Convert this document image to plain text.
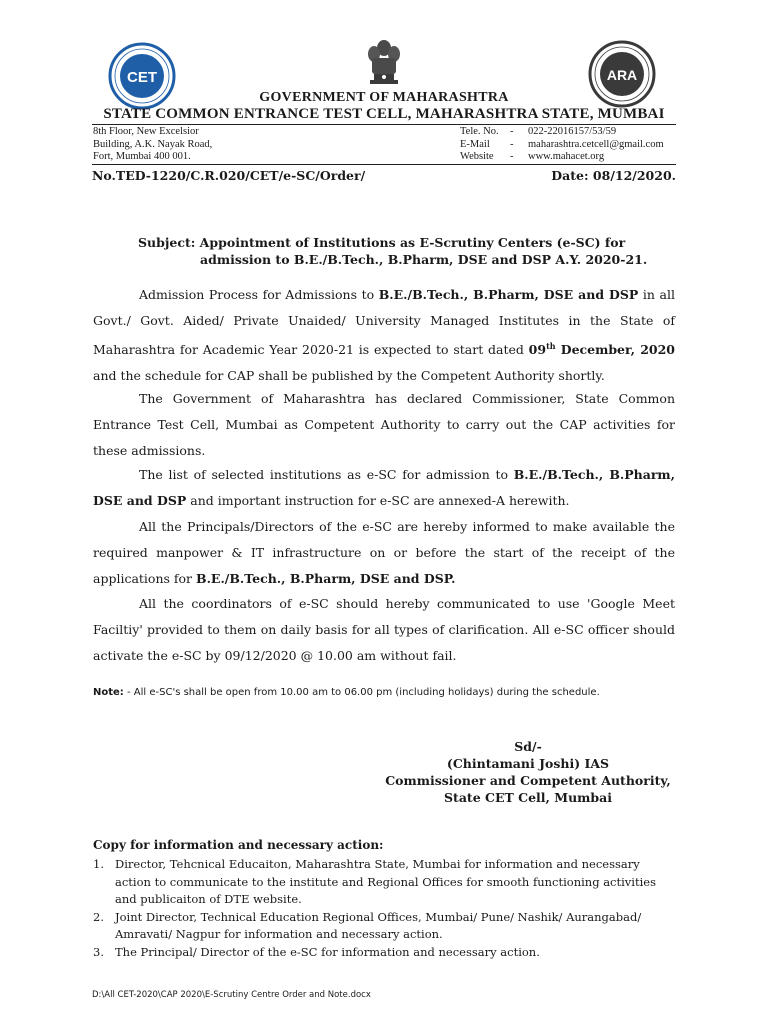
CET	ARA
GOVERNMENT OF MAHARASHTRA
STATE COMMON ENTRANCE TEST CELL, MAHARASHTRA STATE, MUMBAI
8th Floor, New Excelsior
Building, A.K. Nayak Road,
Fort, Mumbai 400 001.
Tele. No.	-	022-22016157/53/59
E-Mail	-	maharashtra.cetcell@gmail.com
Website	-	www.mahacet.org
No.TED-1220/C.R.020/CET/e-SC/Order/	Date: 08/12/2020.
Subject: Appointment of Institutions as E-Scrutiny Centers (e-SC) for
admission to B.E./B.Tech., B.Pharm, DSE and DSP A.Y. 2020-21.
Admission Process for Admissions to B.E./B.Tech., B.Pharm, DSE and DSP in all Govt./ Govt. Aided/ Private Unaided/ University Managed Institutes in the State of Maharashtra for Academic Year 2020-21 is expected to start dated 09th December, 2020 and the schedule for CAP shall be published by the Competent Authority shortly.
The Government of Maharashtra has declared Commissioner, State Common Entrance Test Cell, Mumbai as Competent Authority to carry out the CAP activities for these admissions.
The list of selected institutions as e-SC for admission to B.E./B.Tech., B.Pharm, DSE and DSP and important instruction for e-SC are annexed-A herewith.
All the Principals/Directors of the e-SC are hereby informed to make available the required manpower & IT infrastructure on or before the start of the receipt of the applications for B.E./B.Tech., B.Pharm, DSE and DSP.
All the coordinators of e-SC should hereby communicated to use 'Google Meet Faciltiy' provided to them on daily basis for all types of clarification. All e-SC officer should activate the e-SC by 09/12/2020 @ 10.00 am without fail.
Note: - All e-SC's shall be open from 10.00 am to 06.00 pm (including holidays) during the schedule.
Sd/-
(Chintamani Joshi) IAS
Commissioner and Competent Authority,
State CET Cell, Mumbai
Copy for information and necessary action:
1. Director, Tehcnical Educaiton, Maharashtra State, Mumbai for information and necessary action to communicate to the institute and Regional Offices for smooth functioning activities and publicaiton of DTE website.
2. Joint Director, Technical Education Regional Offices, Mumbai/ Pune/ Nashik/ Aurangabad/ Amravati/ Nagpur for information and necessary action.
3. The Principal/ Director of the e-SC for information and necessary action.
D:\All CET-2020\CAP 2020\E-Scrutiny Centre Order and Note.docx
